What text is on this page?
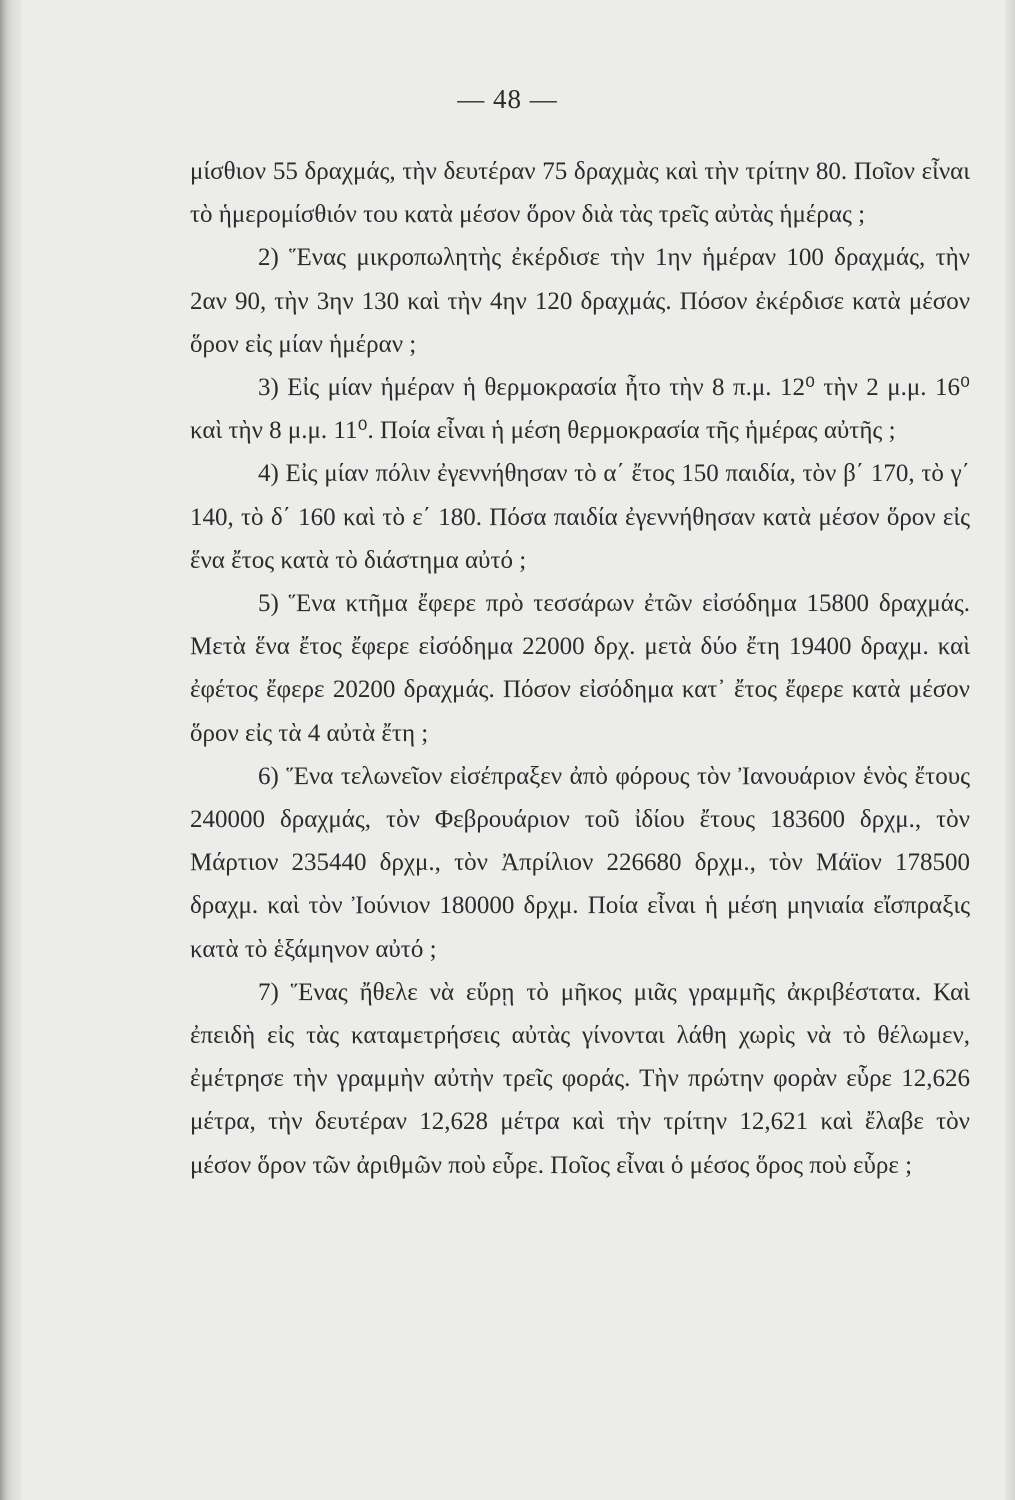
— 48 —

μίσθιον 55 δραχμάς, τὴν δευτέραν 75 δραχμὰς καὶ τὴν τρίτην 80. Ποῖον εἶναι τὸ ἡμερομίσθιόν του κατὰ μέσον ὅρον διὰ τὰς τρεῖς αὐτὰς ἡμέρας ;

2) Ἕνας μικροπωλητὴς ἐκέρδισε τὴν 1ην ἡμέραν 100 δραχμάς, τὴν 2αν 90, τὴν 3ην 130 καὶ τὴν 4ην 120 δραχμάς. Πόσον ἐκέρδισε κατὰ μέσον ὅρον εἰς μίαν ἡμέραν ;

3) Εἰς μίαν ἡμέραν ἡ θερμοκρασία ἦτο τὴν 8 π.μ. 12⁰ τὴν 2 μ.μ. 16⁰ καὶ τὴν 8 μ.μ. 11⁰. Ποία εἶναι ἡ μέση θερμοκρασία τῆς ἡμέρας αὐτῆς ;

4) Εἰς μίαν πόλιν ἐγεννήθησαν τὸ α΄ ἔτος 150 παιδία, τὸν β΄ 170, τὸ γ΄ 140, τὸ δ΄ 160 καὶ τὸ ε΄ 180. Πόσα παιδία ἐγεννήθησαν κατὰ μέσον ὅρον εἰς ἕνα ἔτος κατὰ τὸ διάστημα αὐτό ;

5) Ἕνα κτῆμα ἔφερε πρὸ τεσσάρων ἐτῶν εἰσόδημα 15800 δραχμάς. Μετὰ ἕνα ἔτος ἔφερε εἰσόδημα 22000 δρχ. μετὰ δύο ἔτη 19400 δραχμ. καὶ ἐφέτος ἔφερε 20200 δραχμάς. Πόσον εἰσόδημα κατ᾽ ἔτος ἔφερε κατὰ μέσον ὅρον εἰς τὰ 4 αὐτὰ ἔτη ;

6) Ἕνα τελωνεῖον εἰσέπραξεν ἀπὸ φόρους τὸν Ἰανουάριον ἑνὸς ἔτους 240000 δραχμάς, τὸν Φεβρουάριον τοῦ ἰδίου ἔτους 183600 δρχμ., τὸν Μάρτιον 235440 δρχμ., τὸν Ἀπρίλιον 226680 δρχμ., τὸν Μάϊον 178500 δραχμ. καὶ τὸν Ἰούνιον 180000 δρχμ. Ποία εἶναι ἡ μέση μηνιαία εἴσπραξις κατὰ τὸ ἑξάμηνον αὐτό ;

7) Ἕνας ἤθελε νὰ εὕρῃ τὸ μῆκος μιᾶς γραμμῆς ἀκριβέστατα. Καὶ ἐπειδὴ εἰς τὰς καταμετρήσεις αὐτὰς γίνονται λάθη χωρὶς νὰ τὸ θέλωμεν, ἐμέτρησε τὴν γραμμὴν αὐτὴν τρεῖς φοράς. Τὴν πρώτην φορὰν εὗρε 12,626 μέτρα, τὴν δευτέραν 12,628 μέτρα καὶ τὴν τρίτην 12,621 καὶ ἔλαβε τὸν μέσον ὅρον τῶν ἀριθμῶν ποὺ εὗρε. Ποῖος εἶναι ὁ μέσος ὅρος ποὺ εὗρε ;
